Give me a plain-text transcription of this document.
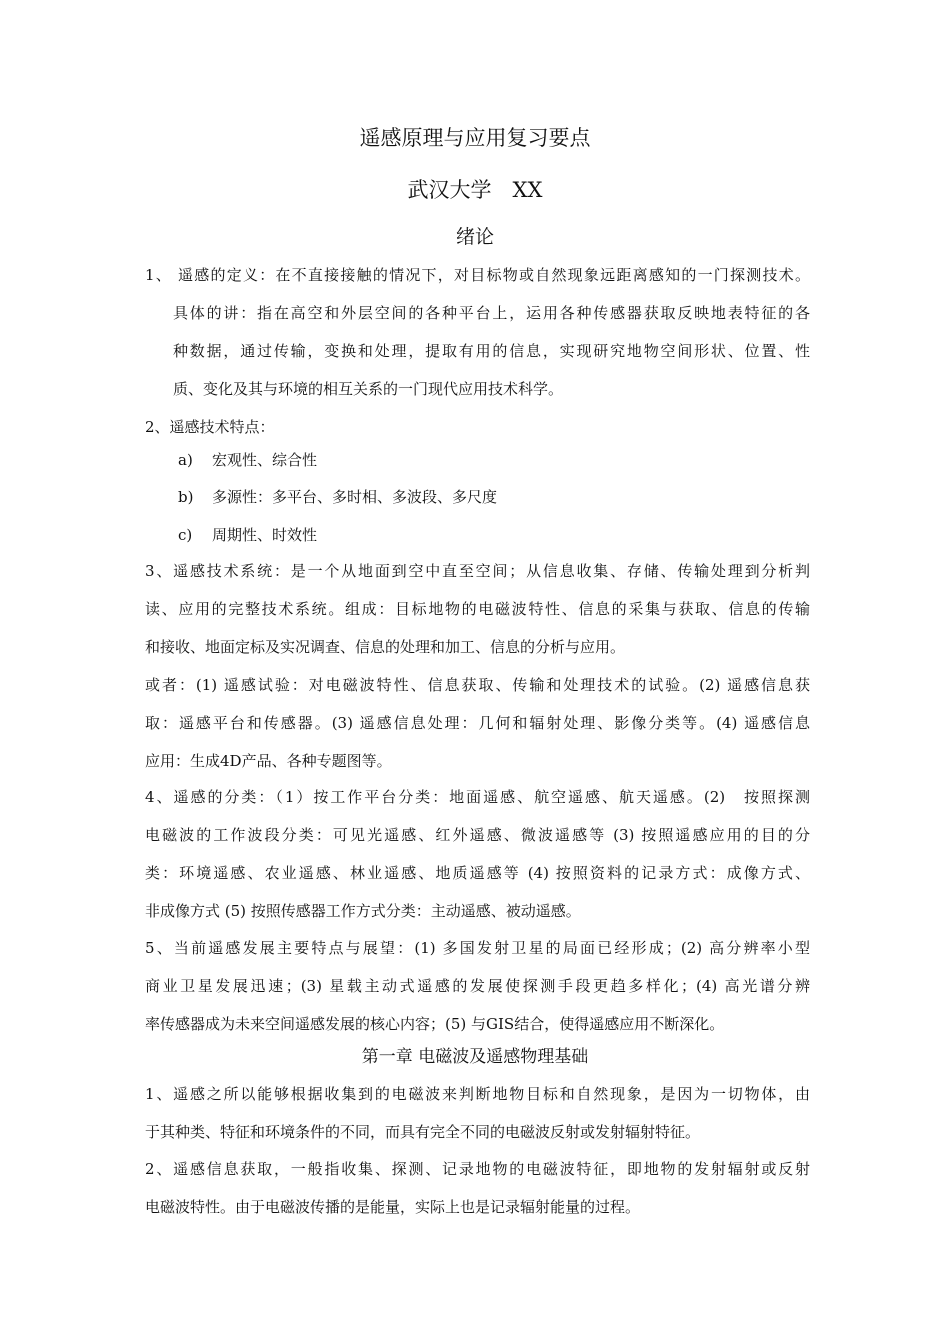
遥感原理与应用复习要点
武汉大学　XX
绪论
1、 遥感的定义：在不直接接触的情况下，对目标物或自然现象远距离感知的一门探测技术。
具体的讲：指在高空和外层空间的各种平台上，运用各种传感器获取反映地表特征的各
种数据，通过传输，变换和处理，提取有用的信息，实现研究地物空间形状、位置、性
质、变化及其与环境的相互关系的一门现代应用技术科学。
2、遥感技术特点：
a) 宏观性、综合性
b) 多源性：多平台、多时相、多波段、多尺度
c) 周期性、时效性
3、遥感技术系统：是一个从地面到空中直至空间；从信息收集、存储、传输处理到分析判
读、应用的完整技术系统。组成：目标地物的电磁波特性、信息的采集与获取、信息的传输
和接收、地面定标及实况调查、信息的处理和加工、信息的分析与应用。
或者：(1) 遥感试验：对电磁波特性、信息获取、传输和处理技术的试验。(2) 遥感信息获
取：遥感平台和传感器。(3) 遥感信息处理：几何和辐射处理、影像分类等。(4) 遥感信息
应用：生成4D产品、各种专题图等。
4、遥感的分类：（1）按工作平台分类：地面遥感、航空遥感、航天遥感。(2)　按照探测
电磁波的工作波段分类：可见光遥感、红外遥感、微波遥感等 (3) 按照遥感应用的目的分
类：环境遥感、农业遥感、林业遥感、地质遥感等 (4) 按照资料的记录方式：成像方式、
非成像方式 (5) 按照传感器工作方式分类：主动遥感、被动遥感。
5、当前遥感发展主要特点与展望：(1) 多国发射卫星的局面已经形成；(2) 高分辨率小型
商业卫星发展迅速；(3) 星载主动式遥感的发展使探测手段更趋多样化；(4) 高光谱分辨
率传感器成为未来空间遥感发展的核心内容；(5) 与GIS结合，使得遥感应用不断深化。
第一章 电磁波及遥感物理基础
1、遥感之所以能够根据收集到的电磁波来判断地物目标和自然现象，是因为一切物体，由
于其种类、特征和环境条件的不同，而具有完全不同的电磁波反射或发射辐射特征。
2、遥感信息获取，一般指收集、探测、记录地物的电磁波特征，即地物的发射辐射或反射
电磁波特性。由于电磁波传播的是能量，实际上也是记录辐射能量的过程。
